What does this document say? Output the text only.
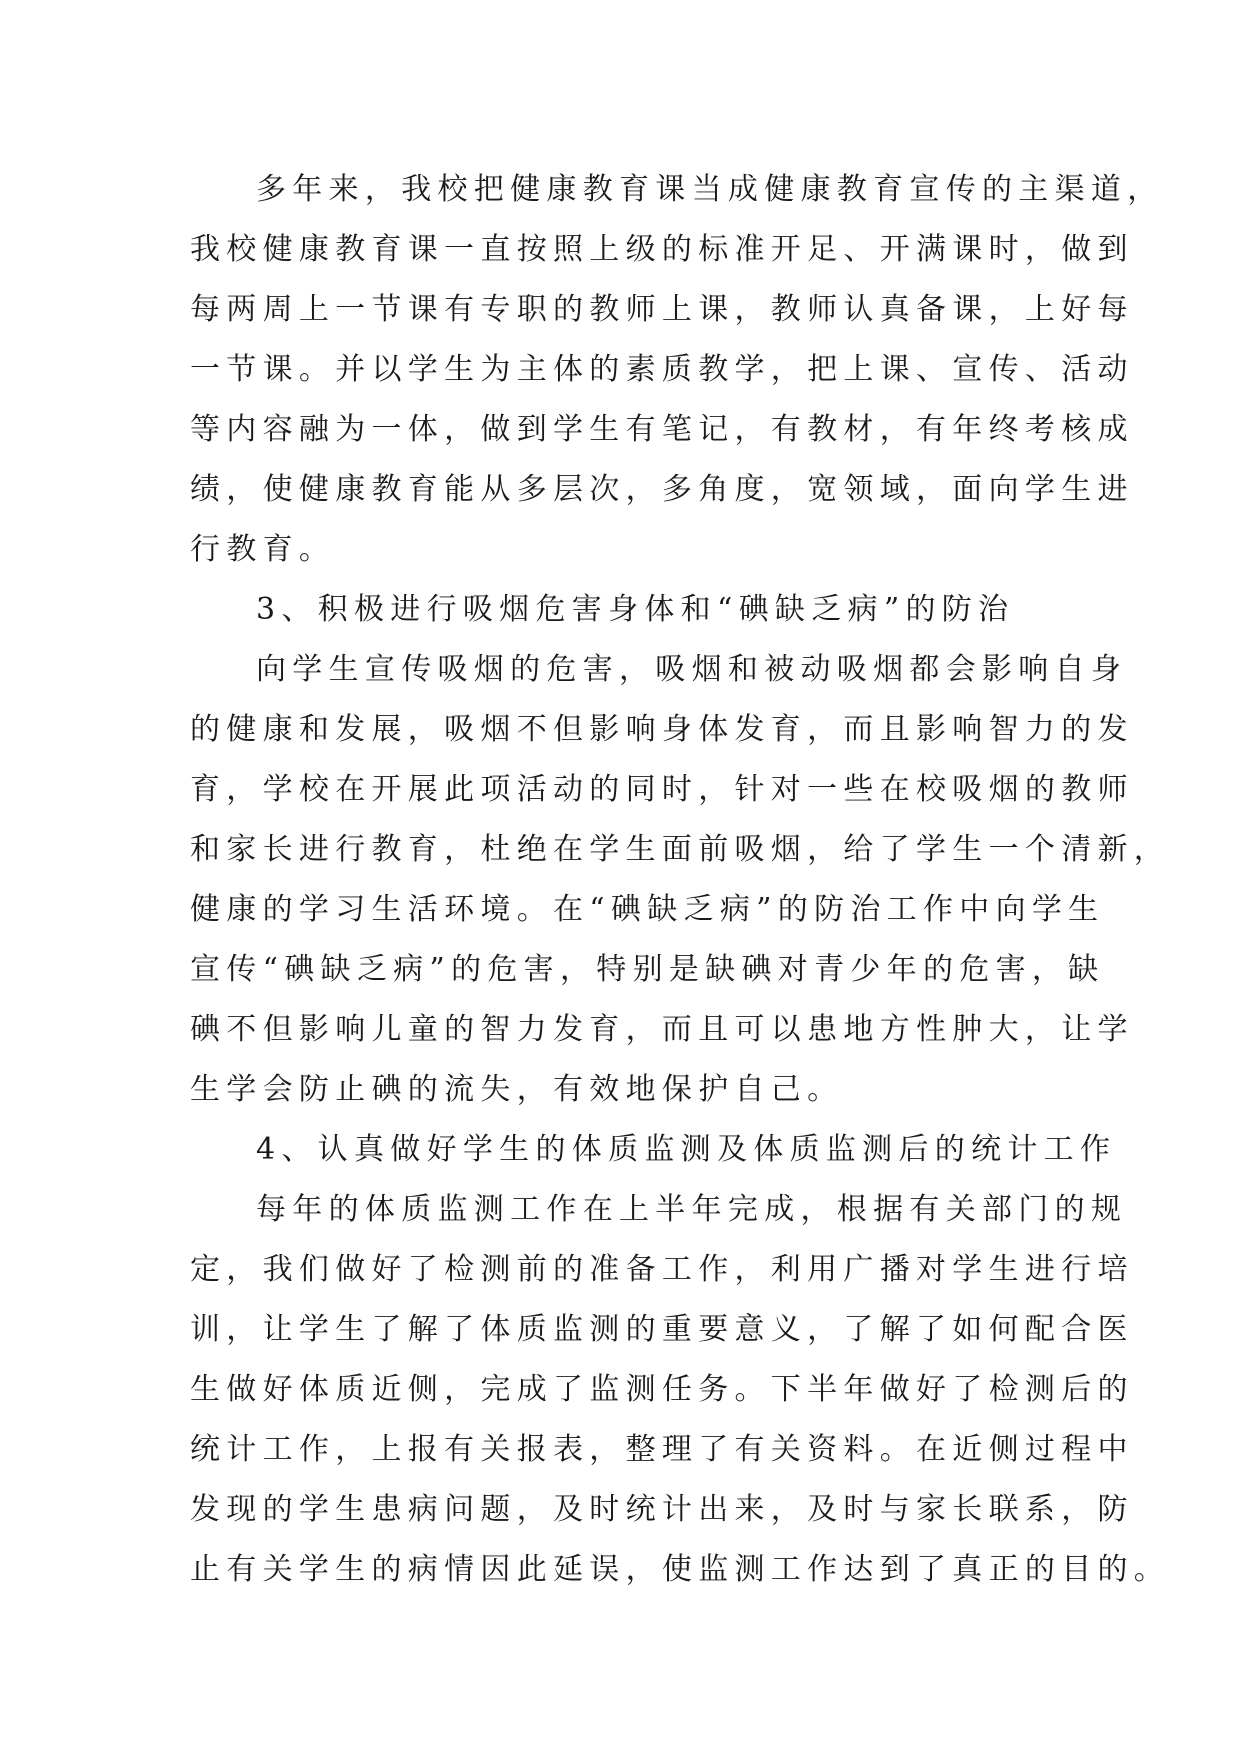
多年来，我校把健康教育课当成健康教育宣传的主渠道，
我校健康教育课一直按照上级的标准开足、开满课时，做到
每两周上一节课有专职的教师上课，教师认真备课，上好每
一节课。并以学生为主体的素质教学，把上课、宣传、活动
等内容融为一体，做到学生有笔记，有教材，有年终考核成
绩，使健康教育能从多层次，多角度，宽领域，面向学生进
行教育。
3、积极进行吸烟危害身体和“碘缺乏病”的防治
向学生宣传吸烟的危害，吸烟和被动吸烟都会影响自身
的健康和发展，吸烟不但影响身体发育，而且影响智力的发
育，学校在开展此项活动的同时，针对一些在校吸烟的教师
和家长进行教育，杜绝在学生面前吸烟，给了学生一个清新，
健康的学习生活环境。在“碘缺乏病”的防治工作中向学生
宣传“碘缺乏病”的危害，特别是缺碘对青少年的危害，缺
碘不但影响儿童的智力发育，而且可以患地方性肿大，让学
生学会防止碘的流失，有效地保护自己。
4、认真做好学生的体质监测及体质监测后的统计工作
每年的体质监测工作在上半年完成，根据有关部门的规
定，我们做好了检测前的准备工作，利用广播对学生进行培
训，让学生了解了体质监测的重要意义，了解了如何配合医
生做好体质近侧，完成了监测任务。下半年做好了检测后的
统计工作，上报有关报表，整理了有关资料。在近侧过程中
发现的学生患病问题，及时统计出来，及时与家长联系，防
止有关学生的病情因此延误，使监测工作达到了真正的目的。
